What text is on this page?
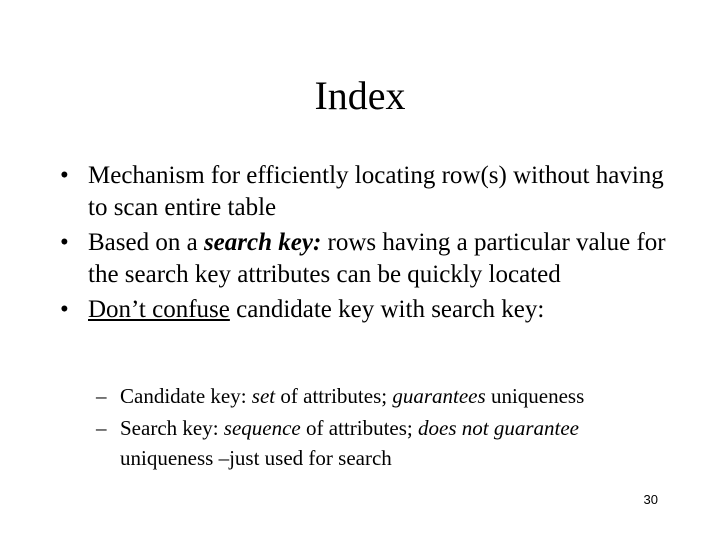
Index
• Mechanism for efficiently locating row(s) without having to scan entire table
• Based on a search key: rows having a particular value for the search key attributes can be quickly located
• Don’t confuse candidate key with search key:
– Candidate key: set of attributes; guarantees uniqueness
– Search key: sequence of attributes; does not guarantee uniqueness –just used for search
30
